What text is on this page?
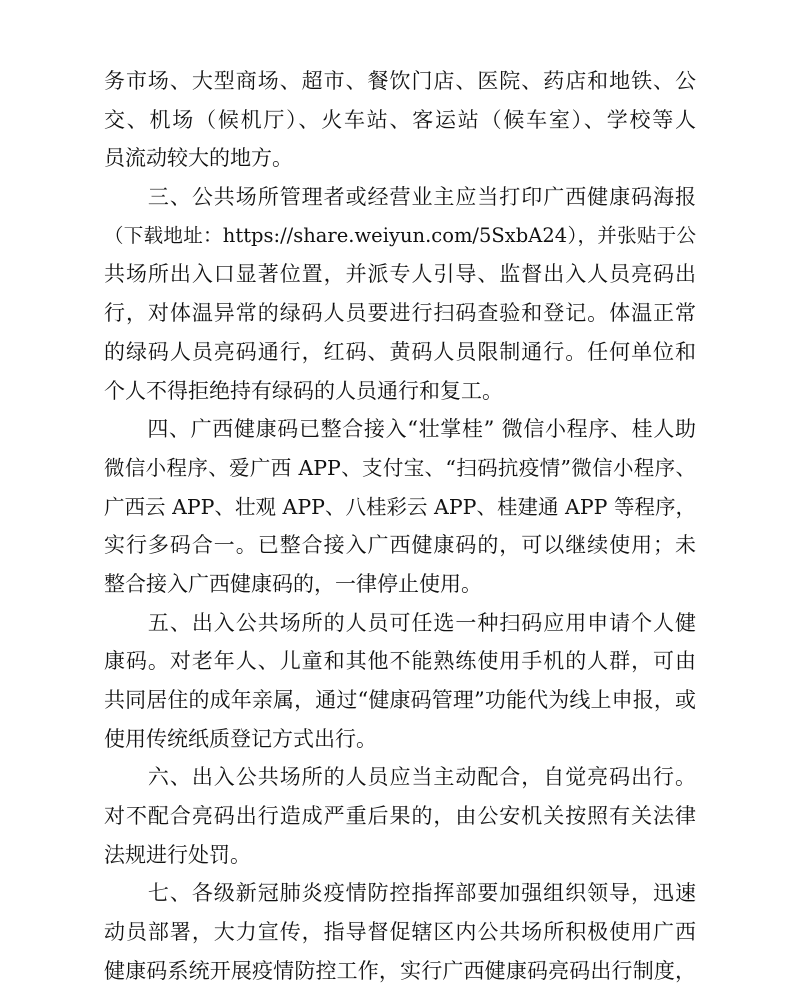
务市场、大型商场、超市、餐饮门店、医院、药店和地铁、公
交、机场（候机厅）、火车站、客运站（候车室）、学校等人
员流动较大的地方。
　　三、公共场所管理者或经营业主应当打印广西健康码海报
（下载地址：https://share.weiyun.com/5SxbA24），并张贴于公
共场所出入口显著位置，并派专人引导、监督出入人员亮码出
行，对体温异常的绿码人员要进行扫码查验和登记。体温正常
的绿码人员亮码通行，红码、黄码人员限制通行。任何单位和
个人不得拒绝持有绿码的人员通行和复工。
　　四、广西健康码已整合接入“壮掌桂” 微信小程序、桂人助
微信小程序、爱广西 APP、支付宝、“扫码抗疫情”微信小程序、
广西云 APP、壮观 APP、八桂彩云 APP、桂建通 APP 等程序，
实行多码合一。已整合接入广西健康码的，可以继续使用；未
整合接入广西健康码的，一律停止使用。
　　五、出入公共场所的人员可任选一种扫码应用申请个人健
康码。对老年人、儿童和其他不能熟练使用手机的人群，可由
共同居住的成年亲属，通过“健康码管理”功能代为线上申报，或
使用传统纸质登记方式出行。
　　六、出入公共场所的人员应当主动配合，自觉亮码出行。
对不配合亮码出行造成严重后果的，由公安机关按照有关法律
法规进行处罚。
　　七、各级新冠肺炎疫情防控指挥部要加强组织领导，迅速
动员部署，大力宣传，指导督促辖区内公共场所积极使用广西
健康码系统开展疫情防控工作，实行广西健康码亮码出行制度，
